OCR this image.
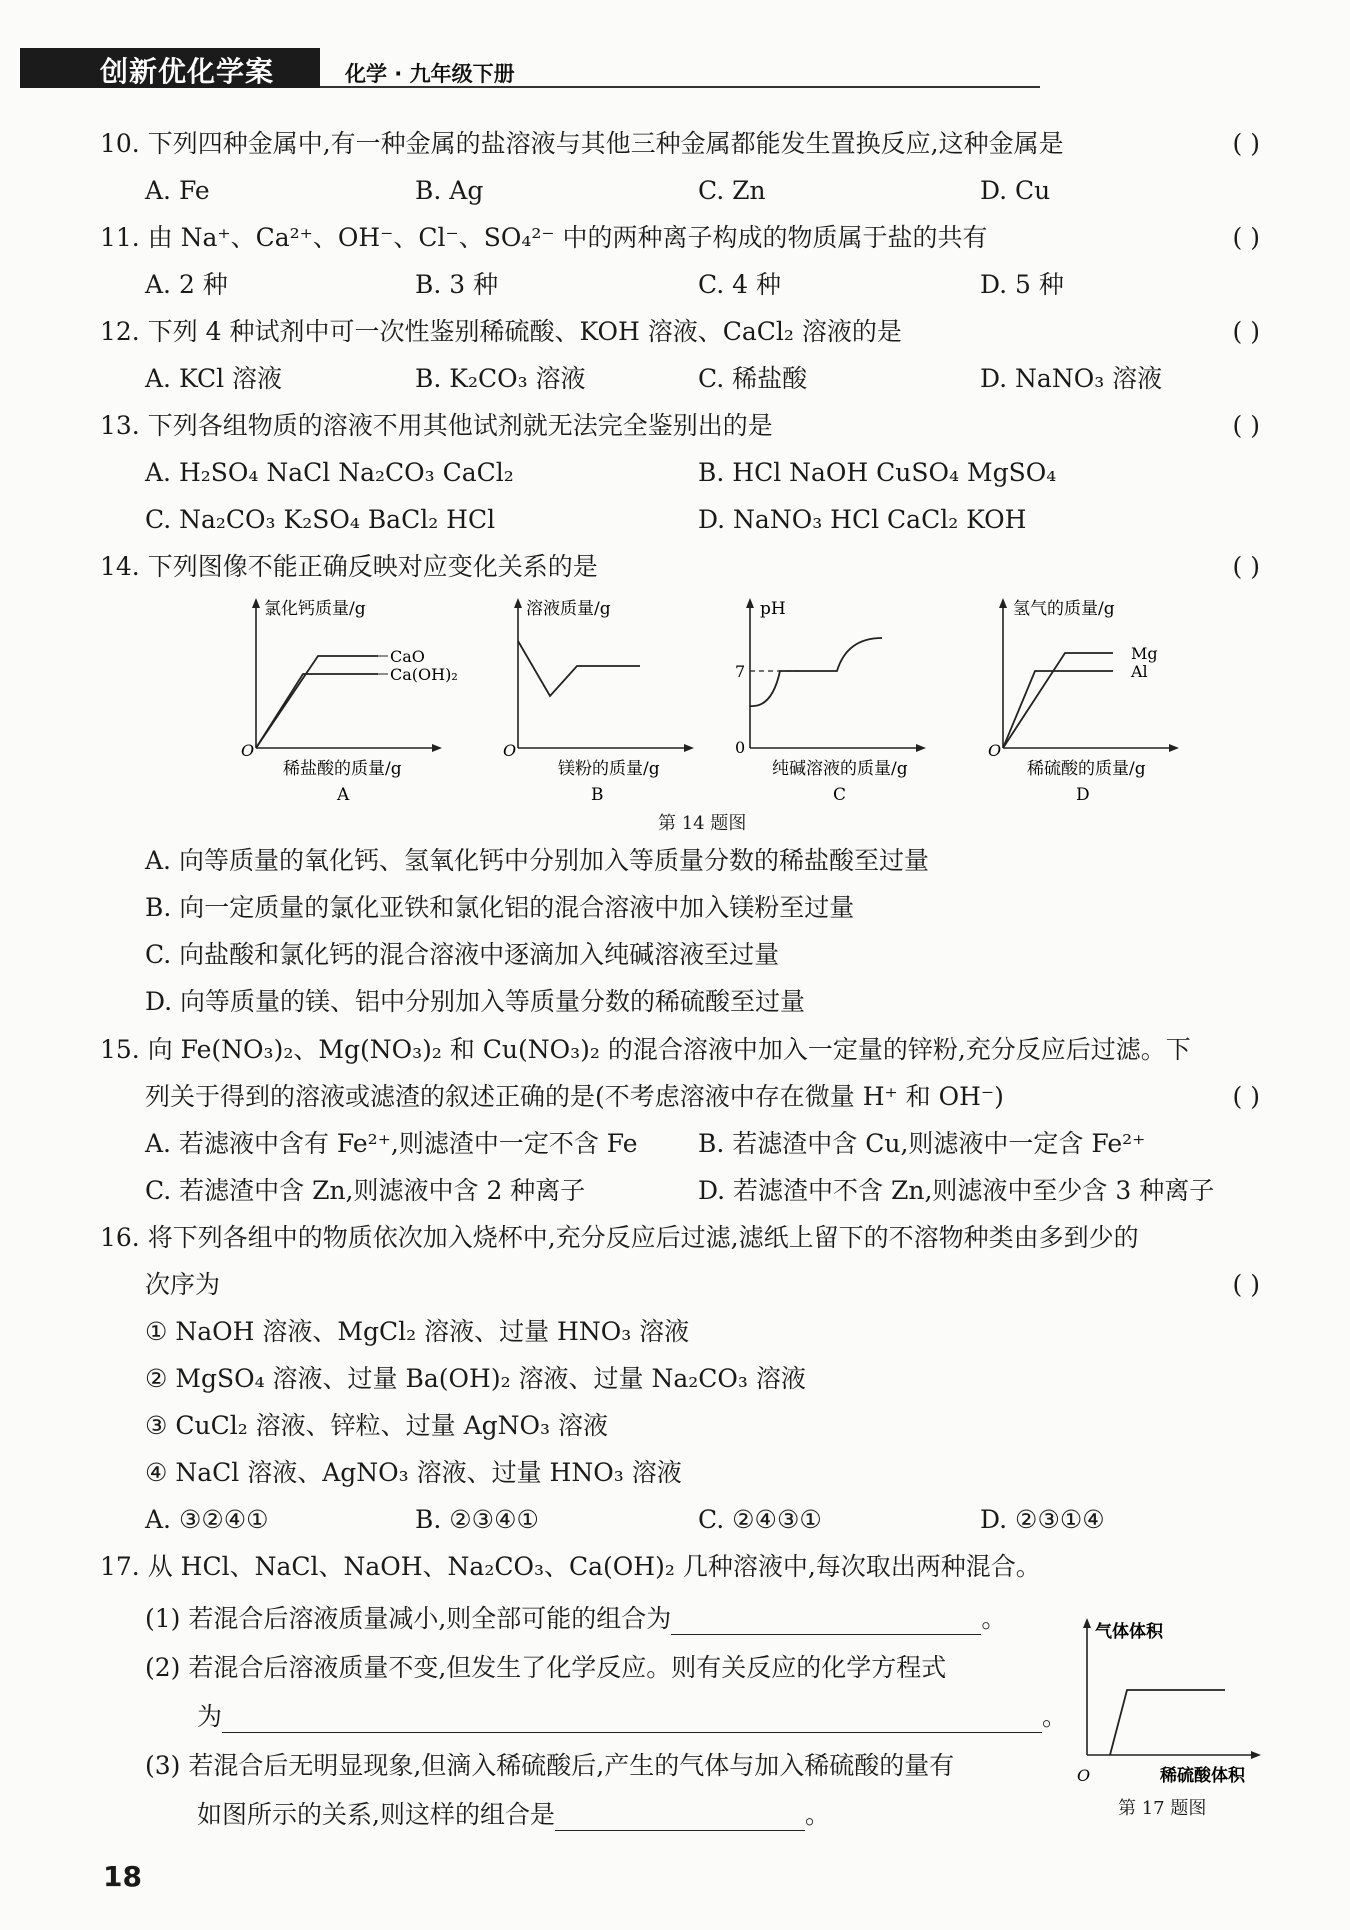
创新优化学案	化学 · 九年级下册
10. 下列四种金属中,有一种金属的盐溶液与其他三种金属都能发生置换反应,这种金属是	( )
A. Fe	B. Ag	C. Zn	D. Cu
11. 由 Na⁺、Ca²⁺、OH⁻、Cl⁻、SO₄²⁻ 中的两种离子构成的物质属于盐的共有	( )
A. 2 种	B. 3 种	C. 4 种	D. 5 种
12. 下列 4 种试剂中可一次性鉴别稀硫酸、KOH 溶液、CaCl₂ 溶液的是	( )
A. KCl 溶液	B. K₂CO₃ 溶液	C. 稀盐酸	D. NaNO₃ 溶液
13. 下列各组物质的溶液不用其他试剂就无法完全鉴别出的是	( )
A. H₂SO₄ NaCl Na₂CO₃ CaCl₂	B. HCl NaOH CuSO₄ MgSO₄
C. Na₂CO₃ K₂SO₄ BaCl₂ HCl	D. NaNO₃ HCl CaCl₂ KOH
14. 下列图像不能正确反映对应变化关系的是	( )
氯化钙质量/g
O
CaO
Ca(OH)₂
稀盐酸的质量/g
A
溶液质量/g
O
镁粉的质量/g
B
pH
7
0
纯碱溶液的质量/g
C
氢气的质量/g
O
Mg
Al
稀硫酸的质量/g
D
第 14 题图
A. 向等质量的氧化钙、氢氧化钙中分别加入等质量分数的稀盐酸至过量
B. 向一定质量的氯化亚铁和氯化铝的混合溶液中加入镁粉至过量
C. 向盐酸和氯化钙的混合溶液中逐滴加入纯碱溶液至过量
D. 向等质量的镁、铝中分别加入等质量分数的稀硫酸至过量
15. 向 Fe(NO₃)₂、Mg(NO₃)₂ 和 Cu(NO₃)₂ 的混合溶液中加入一定量的锌粉,充分反应后过滤。下
列关于得到的溶液或滤渣的叙述正确的是(不考虑溶液中存在微量 H⁺ 和 OH⁻)	( )
A. 若滤液中含有 Fe²⁺,则滤渣中一定不含 Fe B. 若滤渣中含 Cu,则滤液中一定含 Fe²⁺
C. 若滤渣中含 Zn,则滤液中含 2 种离子	D. 若滤渣中不含 Zn,则滤液中至少含 3 种离子
16. 将下列各组中的物质依次加入烧杯中,充分反应后过滤,滤纸上留下的不溶物种类由多到少的
次序为	( )
① NaOH 溶液、MgCl₂ 溶液、过量 HNO₃ 溶液
② MgSO₄ 溶液、过量 Ba(OH)₂ 溶液、过量 Na₂CO₃ 溶液
③ CuCl₂ 溶液、锌粒、过量 AgNO₃ 溶液
④ NaCl 溶液、AgNO₃ 溶液、过量 HNO₃ 溶液
A. ③②④①	B. ②③④①	C. ②④③①	D. ②③①④
17. 从 HCl、NaCl、NaOH、Na₂CO₃、Ca(OH)₂ 几种溶液中,每次取出两种混合。
(1) 若混合后溶液质量减小,则全部可能的组合为	。
(2) 若混合后溶液质量不变,但发生了化学反应。则有关反应的化学方程式
为	。
(3) 若混合后无明显现象,但滴入稀硫酸后,产生的气体与加入稀硫酸的量有
如图所示的关系,则这样的组合是	。
气体体积
O	稀硫酸体积
第 17 题图
18
